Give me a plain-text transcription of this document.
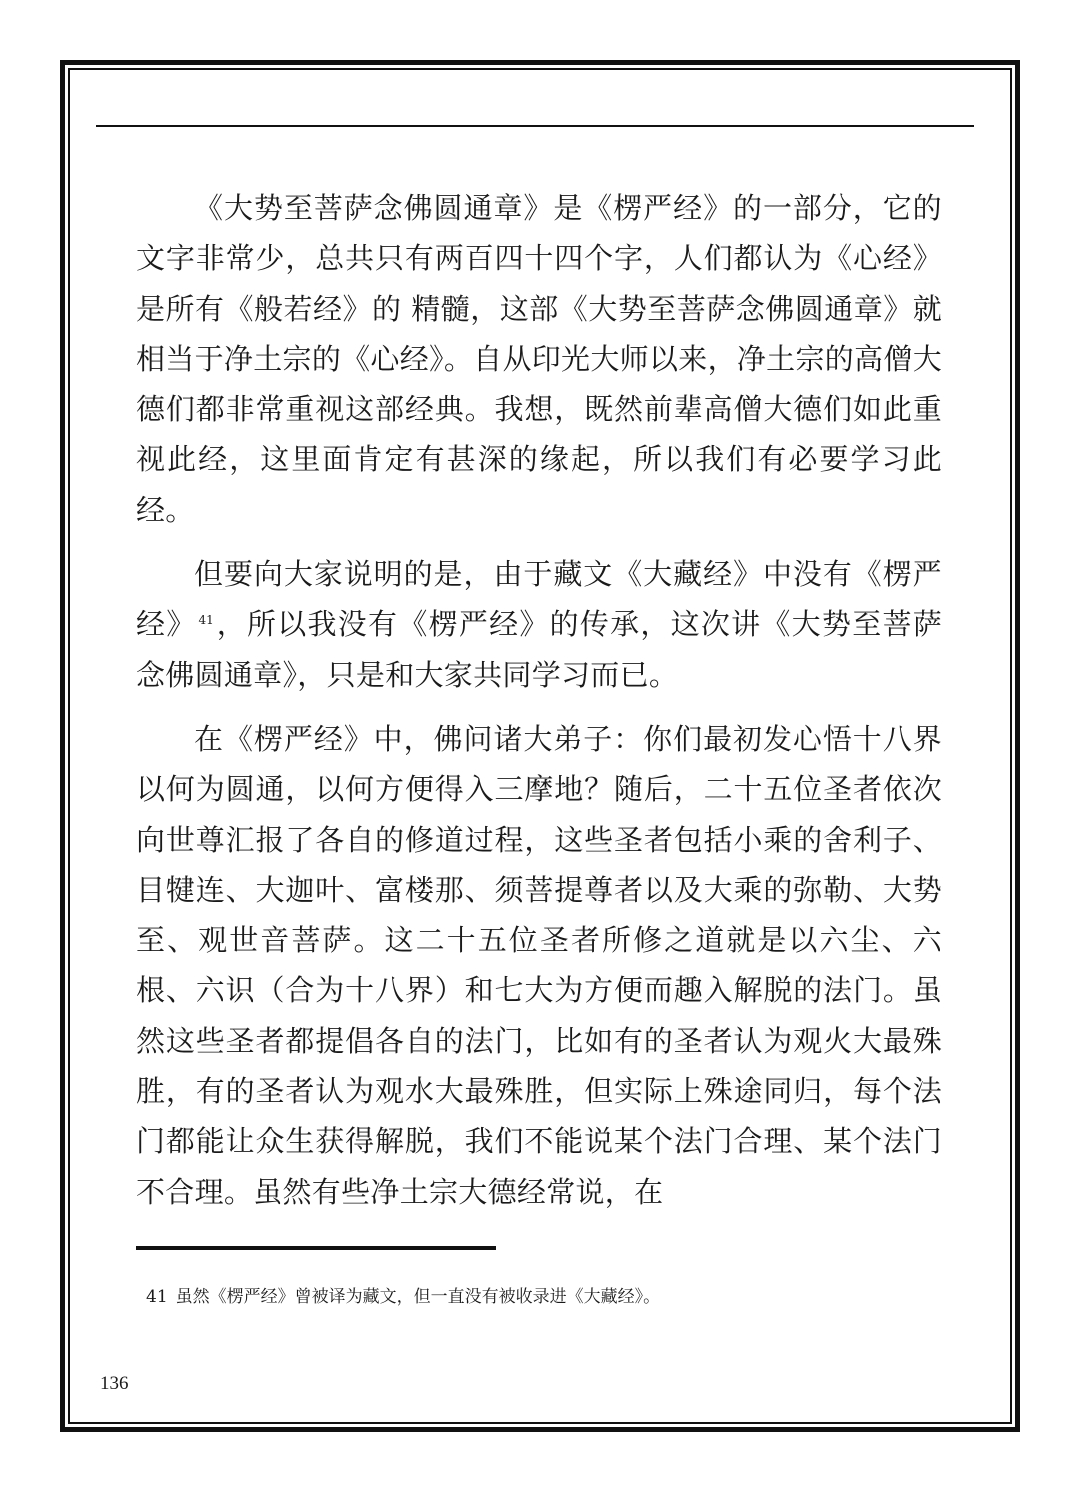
《大势至菩萨念佛圆通章》是《楞严经》的一部分，它的文字非常少，总共只有两百四十四个字，人们都认为《心经》是所有《般若经》的 精髓，这部《大势至菩萨念佛圆通章》就相当于净土宗的《心经》。自从印光大师以来，净土宗的高僧大德们都非常重视这部经典。我想，既然前辈高僧大德们如此重视此经，这里面肯定有甚深的缘起，所以我们有必要学习此经。

但要向大家说明的是，由于藏文《大藏经》中没有《楞严经》 $^{41}$，所以我没有《楞严经》的传承，这次讲《大势至菩萨念佛圆通章》，只是和大家共同学习而已。

在《楞严经》中，佛问诸大弟子：你们最初发心悟十八界以何为圆通，以何方便得入三摩地？随后，二十五位圣者依次向世尊汇报了各自的修道过程，这些圣者包括小乘的舍利子、目犍连、大迦叶、富楼那、须菩提尊者以及大乘的弥勒、大势至、观世音菩萨。这二十五位圣者所修之道就是以六尘、六根、六识（合为十八界）和七大为方便而趣入解脱的法门。虽然这些圣者都提倡各自的法门，比如有的圣者认为观火大最殊胜，有的圣者认为观水大最殊胜，但实际上殊途同归，每个法门都能让众生获得解脱，我们不能说某个法门合理、某个法门不合理。虽然有些净土宗大德经常说，在

41 虽然《楞严经》曾被译为藏文，但一直没有被收录进《大藏经》。

136
